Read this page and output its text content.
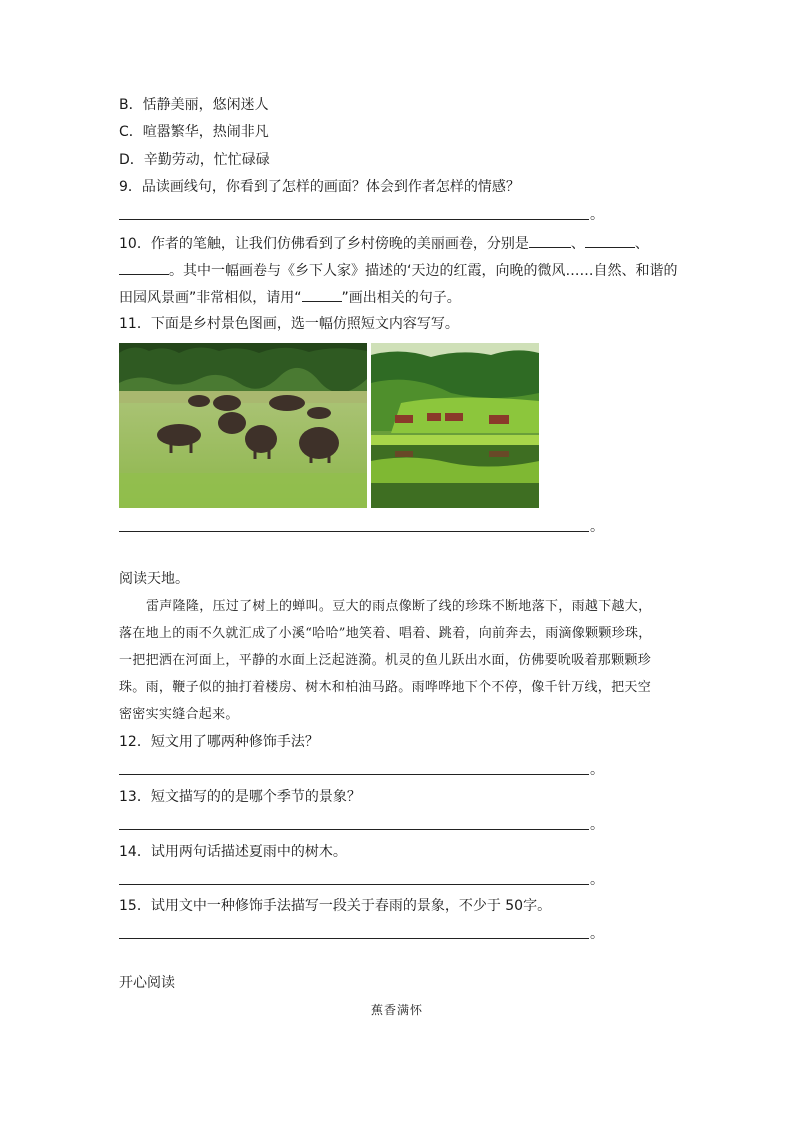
B．恬静美丽，悠闲迷人
C．喧嚣繁华，热闹非凡
D．辛勤劳动，忙忙碌碌
9．品读画线句，你看到了怎样的画面？体会到作者怎样的情感？
。
10．作者的笔触，让我们仿佛看到了乡村傍晚的美丽画卷，分别是	、	、
。其中一幅画卷与《乡下人家》描述的‘天边的红霞，向晚的微风……自然、和谐的
田园风景画”非常相似，请用“	”画出相关的句子。
11．下面是乡村景色图画，选一幅仿照短文内容写写。
。
阅读天地。

雷声隆隆，压过了树上的蝉叫。豆大的雨点像断了线的珍珠不断地落下，雨越下越大，

落在地上的雨不久就汇成了小溪“哈哈”地笑着、唱着、跳着，向前奔去，雨滴像颗颗珍珠，

一把把洒在河面上，平静的水面上泛起涟漪。机灵的鱼儿跃出水面，仿佛要吮吸着那颗颗珍

珠。雨，鞭子似的抽打着楼房、树木和柏油马路。雨哗哗地下个不停，像千针万线，把天空

密密实实缝合起来。

12．短文用了哪两种修饰手法？
。
13．短文描写的的是哪个季节的景象？
。
14．试用两句话描述夏雨中的树木。
。
15．试用文中一种修饰手法描写一段关于春雨的景象，不少于 50字。
。
开心阅读
蕉香满怀
